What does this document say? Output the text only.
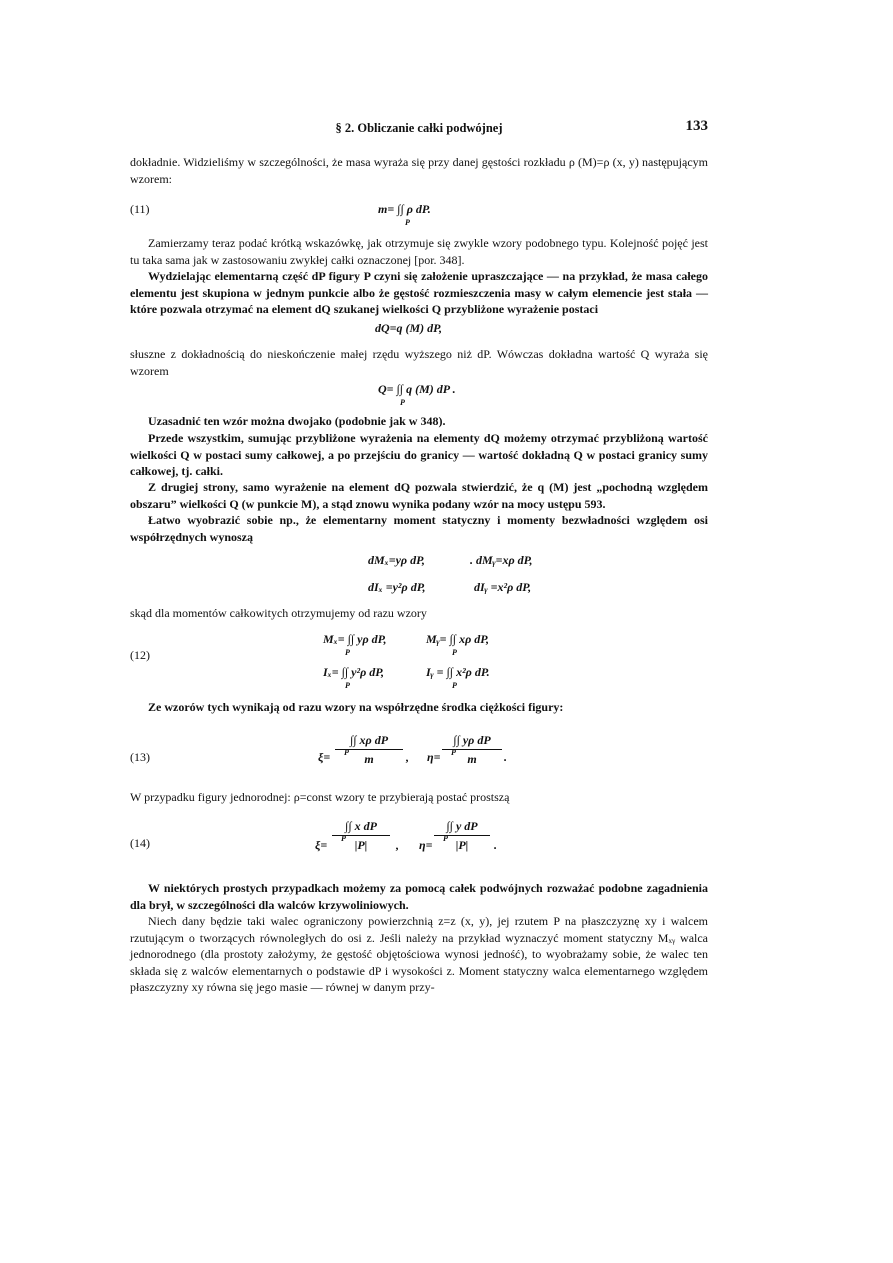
§ 2. Obliczanie całki podwójnej	133
dokładnie. Widzieliśmy w szczególności, że masa wyraża się przy danej gęstości rozkładu ρ (M)=ρ (x, y) następującym wzorem:
(11)	m= ∫∫ ρ dP.
P
Zamierzamy teraz podać krótką wskazówkę, jak otrzymuje się zwykle wzory podobnego typu. Kolejność pojęć jest tu taka sama jak w zastosowaniu zwykłej całki oznaczonej [por. 348].
Wydzielając elementarną część dP figury P czyni się założenie upraszczające — na przykład, że masa całego elementu jest skupiona w jednym punkcie albo że gęstość rozmieszczenia masy w całym elemencie jest stała — które pozwala otrzymać na element dQ szukanej wielkości Q przybliżone wyrażenie postaci
dQ=q (M) dP,
słuszne z dokładnością do nieskończenie małej rzędu wyższego niż dP. Wówczas dokładna wartość Q wyraża się wzorem
Q= ∫∫ q (M) dP .
P
Uzasadnić ten wzór można dwojako (podobnie jak w 348).
Przede wszystkim, sumując przybliżone wyrażenia na elementy dQ możemy otrzymać przybliżoną wartość wielkości Q w postaci sumy całkowej, a po przejściu do granicy — wartość dokładną Q w postaci granicy sumy całkowej, tj. całki.
Z drugiej strony, samo wyrażenie na element dQ pozwala stwierdzić, że q (M) jest „pochodną względem obszaru” wielkości Q (w punkcie M), a stąd znowu wynika podany wzór na mocy ustępu 593.
Łatwo wyobrazić sobie np., że elementarny moment statyczny i momenty bezwładności względem osi współrzędnych wynoszą
dMₓ=yρ dP,	. dMᵧ=xρ dP,
dIₓ =y²ρ dP,	dIᵧ =x²ρ dP,
skąd dla momentów całkowitych otrzymujemy od razu wzory
(12)
Mₓ= ∫∫ yρ dP,
P
Mᵧ= ∫∫ xρ dP,
P
Iₓ= ∫∫ y²ρ dP,
P
Iᵧ = ∫∫ x²ρ dP.
P
Ze wzorów tych wynikają od razu wzory na współrzędne środka ciężkości figury:
(13)	ξ=
∫∫ xρ dP
m
P	, η=
∫∫ yρ dP
m
P	.
W przypadku figury jednorodnej: ρ=const wzory te przybierają postać prostszą
(14)	ξ=
∫∫ x dP
|P|
P	, η=
∫∫ y dP
|P|
P	.
W niektórych prostych przypadkach możemy za pomocą całek podwójnych rozważać podobne zagadnienia dla brył, w szczególności dla walców krzywoliniowych.
Niech dany będzie taki walec ograniczony powierzchnią z=z (x, y), jej rzutem P na płaszczyznę xy i walcem rzutującym o tworzących równoległych do osi z. Jeśli należy na przykład wyznaczyć moment statyczny Mₓᵧ walca jednorodnego (dla prostoty założymy, że gęstość objętościowa wynosi jedność), to wyobrażamy sobie, że walec ten składa się z walców elementarnych o podstawie dP i wysokości z. Moment statyczny walca elementarnego względem płaszczyzny xy równa się jego masie — równej w danym przy-
